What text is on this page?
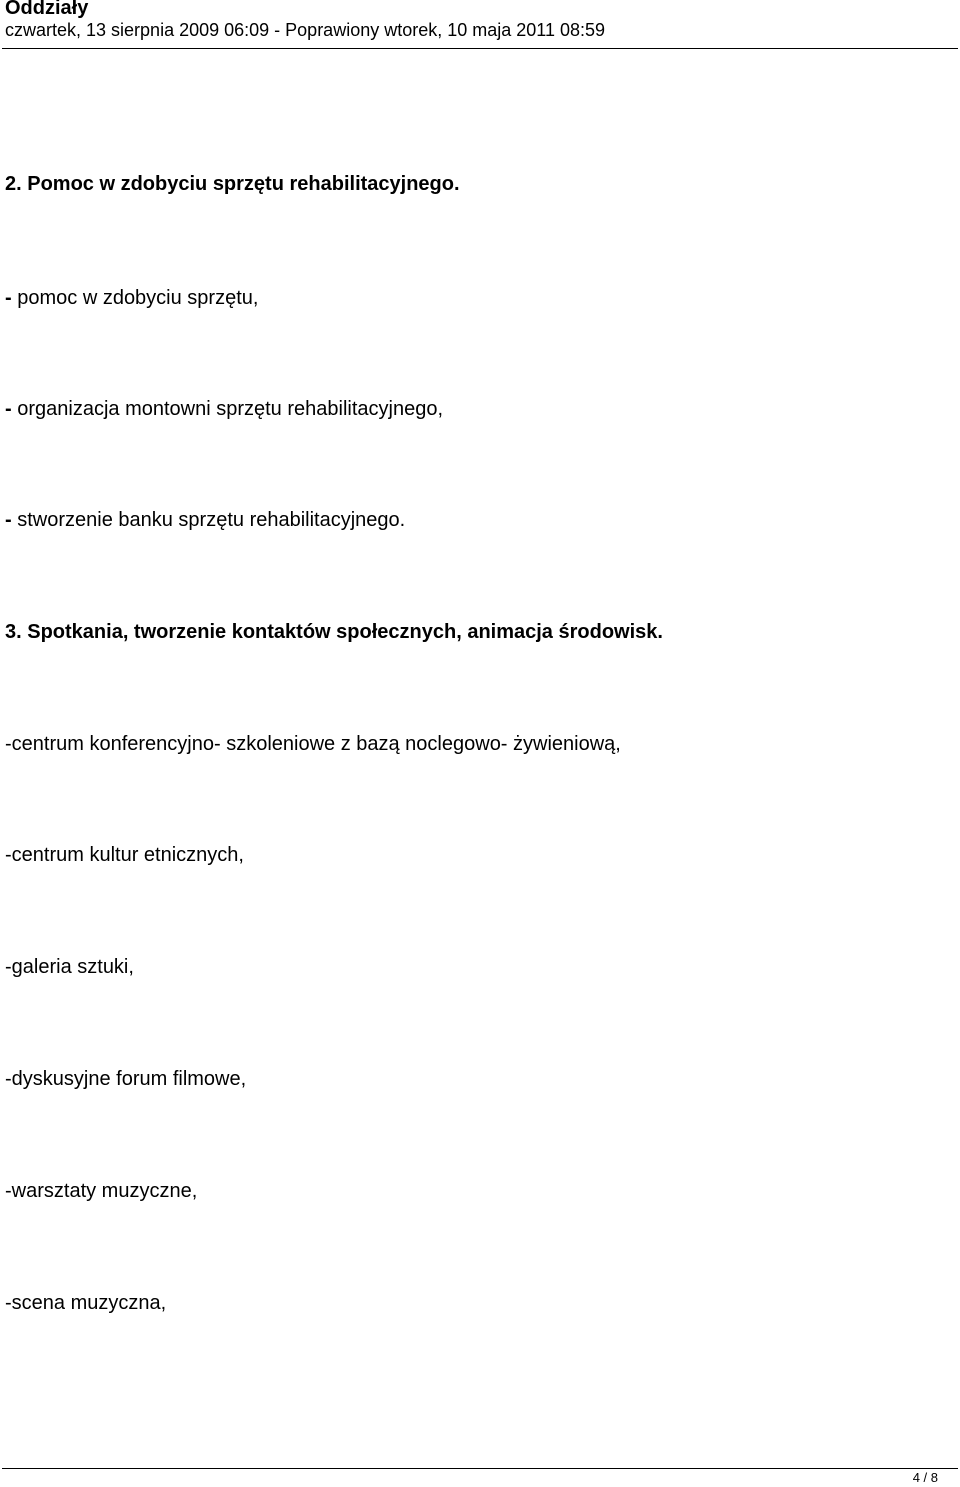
Oddziały
czwartek, 13 sierpnia 2009 06:09 - Poprawiony wtorek, 10 maja 2011 08:59
2. Pomoc w zdobyciu sprzętu rehabilitacyjnego.
- pomoc w zdobyciu sprzętu,
- organizacja montowni sprzętu rehabilitacyjnego,
- stworzenie banku sprzętu rehabilitacyjnego.
3. Spotkania, tworzenie kontaktów społecznych, animacja środowisk.
-centrum konferencyjno- szkoleniowe z bazą noclegowo- żywieniową,
-centrum kultur etnicznych,
-galeria sztuki,
-dyskusyjne forum filmowe,
-warsztaty muzyczne,
-scena muzyczna,
4 / 8
